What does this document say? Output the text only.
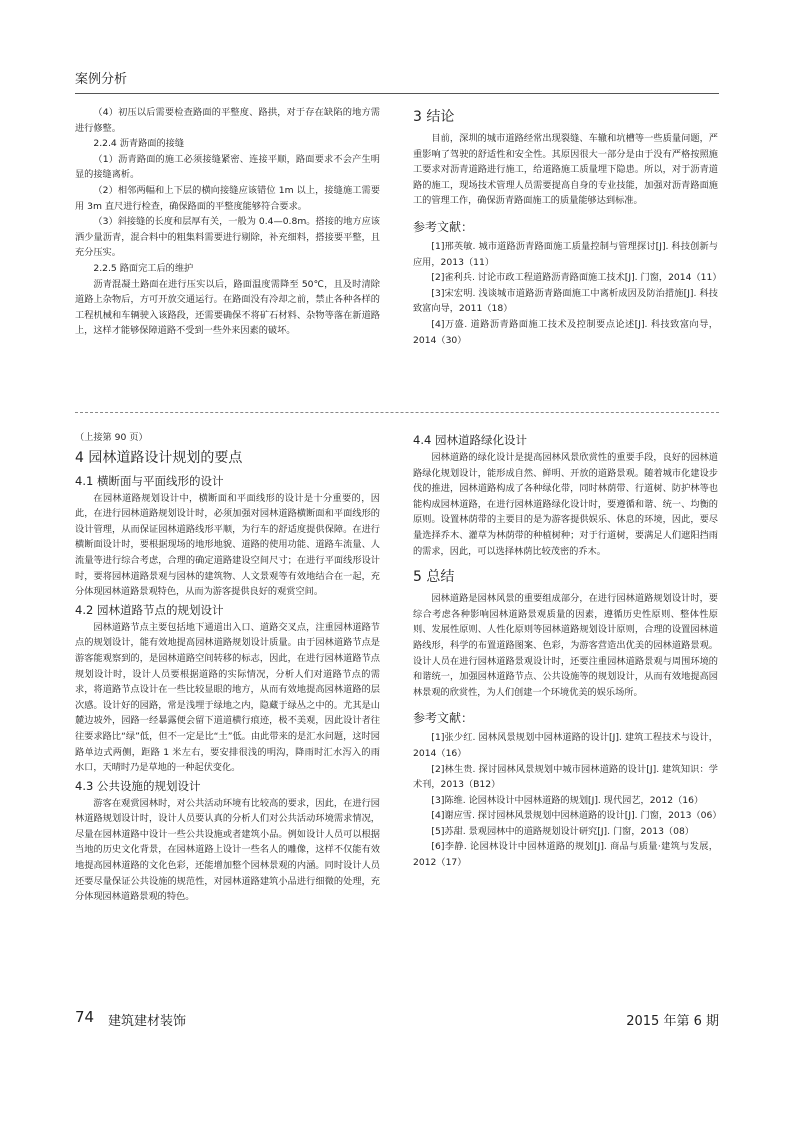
案例分析

（4）初压以后需要检查路面的平整度、路拱，对于存在缺陷的地方需进行修整。

2.2.4 沥青路面的接缝

（1）沥青路面的施工必须接缝紧密、连接平顺，路面要求不会产生明显的接缝离析。

（2）相邻两幅和上下层的横向接缝应该错位 1m 以上，接缝施工需要用 3m 直尺进行检查，确保路面的平整度能够符合要求。

（3）斜接缝的长度和层厚有关，一般为 0.4—0.8m。搭接的地方应该洒少量沥青，混合料中的粗集料需要进行剔除，补充细料，搭接要平整，且充分压实。

2.2.5 路面完工后的维护

沥青混凝土路面在进行压实以后，路面温度需降至 50℃，且及时清除道路上杂物后，方可开放交通运行。在路面没有冷却之前，禁止各种各样的工程机械和车辆驶入该路段，还需要确保不将矿石材料、杂物等落在新道路上，这样才能够保障道路不受到一些外来因素的破坏。

3 结论

目前，深圳的城市道路经常出现裂缝、车辙和坑槽等一些质量问题，严重影响了驾驶的舒适性和安全性。其原因很大一部分是由于没有严格按照施工要求对沥青道路进行施工，给道路施工质量埋下隐患。所以，对于沥青道路的施工，现场技术管理人员需要提高自身的专业技能，加强对沥青路面施工的管理工作，确保沥青路面施工的质量能够达到标准。

参考文献：

[1]邢英敏. 城市道路沥青路面施工质量控制与管理探讨[J]. 科技创新与应用，2013（11）

[2]雀利兵. 讨论市政工程道路沥青路面施工技术[J]. 门窗，2014（11）

[3]宋宏明. 浅谈城市道路沥青路面施工中离析成因及防治措施[J]. 科技致富向导，2011（18）

[4]万盛. 道路沥青路面施工技术及控制要点论述[J]. 科技致富向导，2014（30）

（上接第 90 页）

4 园林道路设计规划的要点
4.1 横断面与平面线形的设计

在园林道路规划设计中，横断面和平面线形的设计是十分重要的，因此，在进行园林道路规划设计时，必须加强对园林道路横断面和平面线形的设计管理，从而保证园林道路线形平顺，为行车的舒适度提供保障。在进行横断面设计时，要根据现场的地形地貌、道路的使用功能、道路车流量、人流量等进行综合考虑，合理的确定道路建设空间尺寸；在进行平面线形设计时，要将园林道路景观与园林的建筑物、人文景观等有效地结合在一起，充分体现园林道路景观特色，从而为游客提供良好的观赏空间。

4.2 园林道路节点的规划设计

园林道路节点主要包括地下通道出入口、道路交叉点，注重园林道路节点的规划设计，能有效地提高园林道路规划设计质量。由于园林道路节点是游客能观察到的，是园林道路空间转移的标志，因此，在进行园林道路节点规划设计时，设计人员要根据道路的实际情况，分析人们对道路节点的需求，将道路节点设计在一些比较显眼的地方，从而有效地提高园林道路的层次感。设计好的园路，常是浅埋于绿地之内，隐藏于绿丛之中的。尤其是山麓边坡外，园路一经暴露便会留下道道横行痕迹，极不美观，因此设计者往往要求路比“绿”低，但不一定是比“土”低。由此带来的是汇水问题，这时园路单边式两侧，距路 1 米左右，要安排很浅的明沟，降雨时汇水泻入的雨水口，天晴时乃是草地的一种起伏变化。

4.3 公共设施的规划设计

游客在观赏园林时，对公共活动环境有比较高的要求，因此，在进行园林道路规划设计时，设计人员要认真的分析人们对公共活动环境需求情况，尽量在园林道路中设计一些公共设施或者建筑小品。例如设计人员可以根据当地的历史文化背景，在园林道路上设计一些名人的雕像，这样不仅能有效地提高园林道路的文化色彩，还能增加整个园林景观的内涵。同时设计人员还要尽量保证公共设施的规范性，对园林道路建筑小品进行细微的处理，充分体现园林道路景观的特色。

4.4 园林道路绿化设计

园林道路的绿化设计是提高园林风景欣赏性的重要手段，良好的园林道路绿化规划设计，能形成自然、鲜明、开放的道路景观。随着城市化建设步伐的推进，园林道路构成了各种绿化带，同时林荫带、行道树、防护林等也能构成园林道路，在进行园林道路绿化设计时，要遵循和谐、统一、均衡的原则。设置林荫带的主要目的是为游客提供娱乐、休息的环境，因此，要尽量选择乔木、灌草为林荫带的种植树种；对于行道树，要满足人们遮阳挡雨的需求，因此，可以选择林荫比较茂密的乔木。

5 总结

园林道路是园林风景的重要组成部分，在进行园林道路规划设计时，要综合考虑各种影响园林道路景观质量的因素，遵循历史性原则、整体性原则、发展性原则、人性化原则等园林道路规划设计原则，合理的设置园林道路线形，科学的布置道路图案、色彩，为游客营造出优美的园林道路景观。设计人员在进行园林道路景观设计时，还要注重园林道路景观与周围环境的和谐统一，加强园林道路节点、公共设施等的规划设计，从而有效地提高园林景观的欣赏性，为人们创建一个环境优美的娱乐场所。

参考文献：

[1]张少红. 园林风景规划中园林道路的设计[J]. 建筑工程技术与设计，2014（16）

[2]林生贵. 探讨园林风景规划中城市园林道路的设计[J]. 建筑知识：学术刊，2013（B12）

[3]陈维. 论园林设计中园林道路的规划[J]. 现代园艺，2012（16）

[4]谢应雪. 探讨园林风景规划中园林道路的设计[J]. 门窗，2013（06）

[5]苏甜. 景观园林中的道路规划设计研究[J]. 门窗，2013（08）

[6]李静. 论园林设计中园林道路的规划[J]. 商品与质量·建筑与发展，2012（17）

74 建筑建材装饰	2015 年第 6 期
